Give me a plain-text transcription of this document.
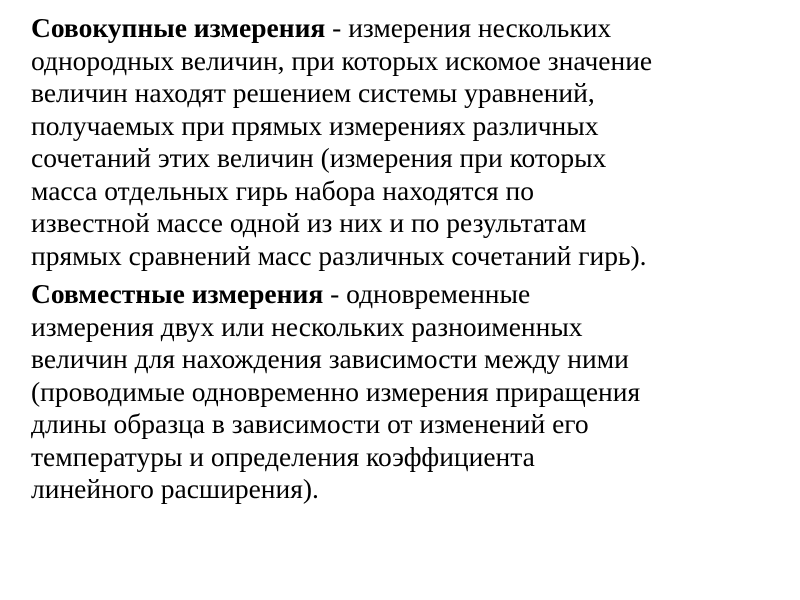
Совокупные измерения - измерения нескольких
однородных величин, при которых искомое значение
величин находят решением системы уравнений,
получаемых при прямых измерениях различных
сочетаний этих величин (измерения при которых
масса отдельных гирь набора находятся по
известной массе одной из них и по результатам
прямых сравнений масс различных сочетаний гирь).

Совместные измерения - одновременные
измерения двух или нескольких разноименных
величин для нахождения зависимости между ними
(проводимые одновременно измерения приращения
длины образца в зависимости от изменений его
температуры и определения коэффициента
линейного расширения).
